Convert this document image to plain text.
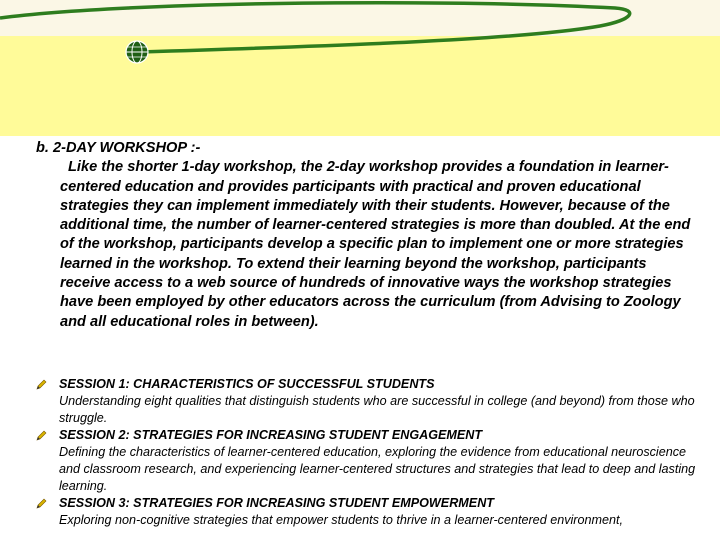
b. 2-DAY WORKSHOP :-
Like the shorter 1-day workshop, the 2-day workshop provides a foundation in learner-centered education and provides participants with practical and proven educational strategies they can implement immediately with their students. However, because of the additional time, the number of learner-centered strategies is more than doubled. At the end of the workshop, participants develop a specific plan to implement one or more strategies learned in the workshop. To extend their learning beyond the workshop, participants receive access to a web source of hundreds of innovative ways the workshop strategies have been employed by other educators across the curriculum (from Advising to Zoology and all educational roles in between).
SESSION 1: CHARACTERISTICS OF SUCCESSFUL STUDENTS
Understanding eight qualities that distinguish students who are successful in college (and beyond) from those who struggle.
SESSION 2: STRATEGIES FOR INCREASING STUDENT ENGAGEMENT
Defining the characteristics of learner-centered education, exploring the evidence from educational neuroscience and classroom research, and experiencing learner-centered structures and strategies that lead to deep and lasting learning.
SESSION 3: STRATEGIES FOR INCREASING STUDENT EMPOWERMENT
Exploring non-cognitive strategies that empower students to thrive in a learner-centered environment,
